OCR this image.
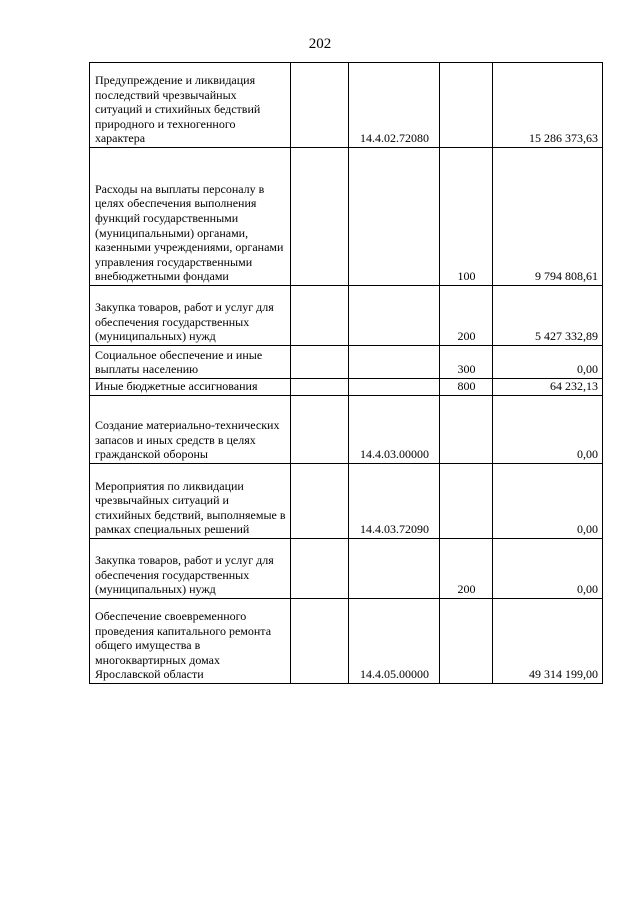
202
Предупреждение и ликвидация последствий чрезвычайных ситуаций и стихийных бедствий природного и техногенного характера		14.4.02.72080		15 286 373,63
Расходы на выплаты персоналу в целях обеспечения выполнения функций государственными (муниципальными) органами, казенными учреждениями, органами управления государственными внебюджетными фондами			100	9 794 808,61
Закупка товаров, работ и услуг для обеспечения государственных (муниципальных) нужд			200	5 427 332,89
Социальное обеспечение и иные выплаты населению			300	0,00
Иные бюджетные ассигнования			800	64 232,13
Создание материально-технических запасов и иных средств в целях гражданской обороны		14.4.03.00000		0,00
Мероприятия по ликвидации чрезвычайных ситуаций и стихийных бедствий, выполняемые в рамках специальных решений		14.4.03.72090		0,00
Закупка товаров, работ и услуг для обеспечения государственных (муниципальных) нужд			200	0,00
Обеспечение своевременного проведения капитального ремонта общего имущества в многоквартирных домах Ярославской области		14.4.05.00000		49 314 199,00
